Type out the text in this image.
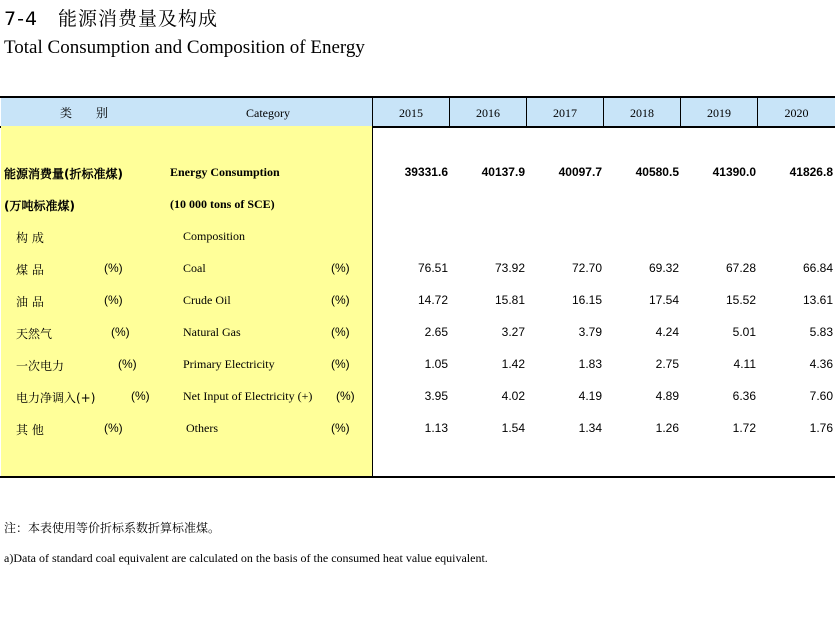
7-4　能源消费量及构成
Total Consumption and Composition of Energy
类　　别	Category	2015	2016	2017	2018	2019	2020
能源消费量(折标准煤)	Energy Consumption	39331.6	40137.9	40097.7	40580.5	41390.0	41826.8
(万吨标准煤)	(10 000 tons of SCE)
构 成	Composition
煤 品	(%)	Coal	(%)	76.51	73.92	72.70	69.32	67.28	66.84
油 品	(%)	Crude Oil	(%)	14.72	15.81	16.15	17.54	15.52	13.61
天然气	(%)	Natural Gas	(%)	2.65	3.27	3.79	4.24	5.01	5.83
一次电力	(%)	Primary Electricity	(%)	1.05	1.42	1.83	2.75	4.11	4.36
电力净调入(+)	(%)	Net Input of Electricity (+) (%)	3.95	4.02	4.19	4.89	6.36	7.60
其 他	(%)	Others	(%)	1.13	1.54	1.34	1.26	1.72	1.76
注：本表使用等价折标系数折算标准煤。
a)Data of standard coal equivalent are calculated on the basis of the consumed heat value equivalent.
